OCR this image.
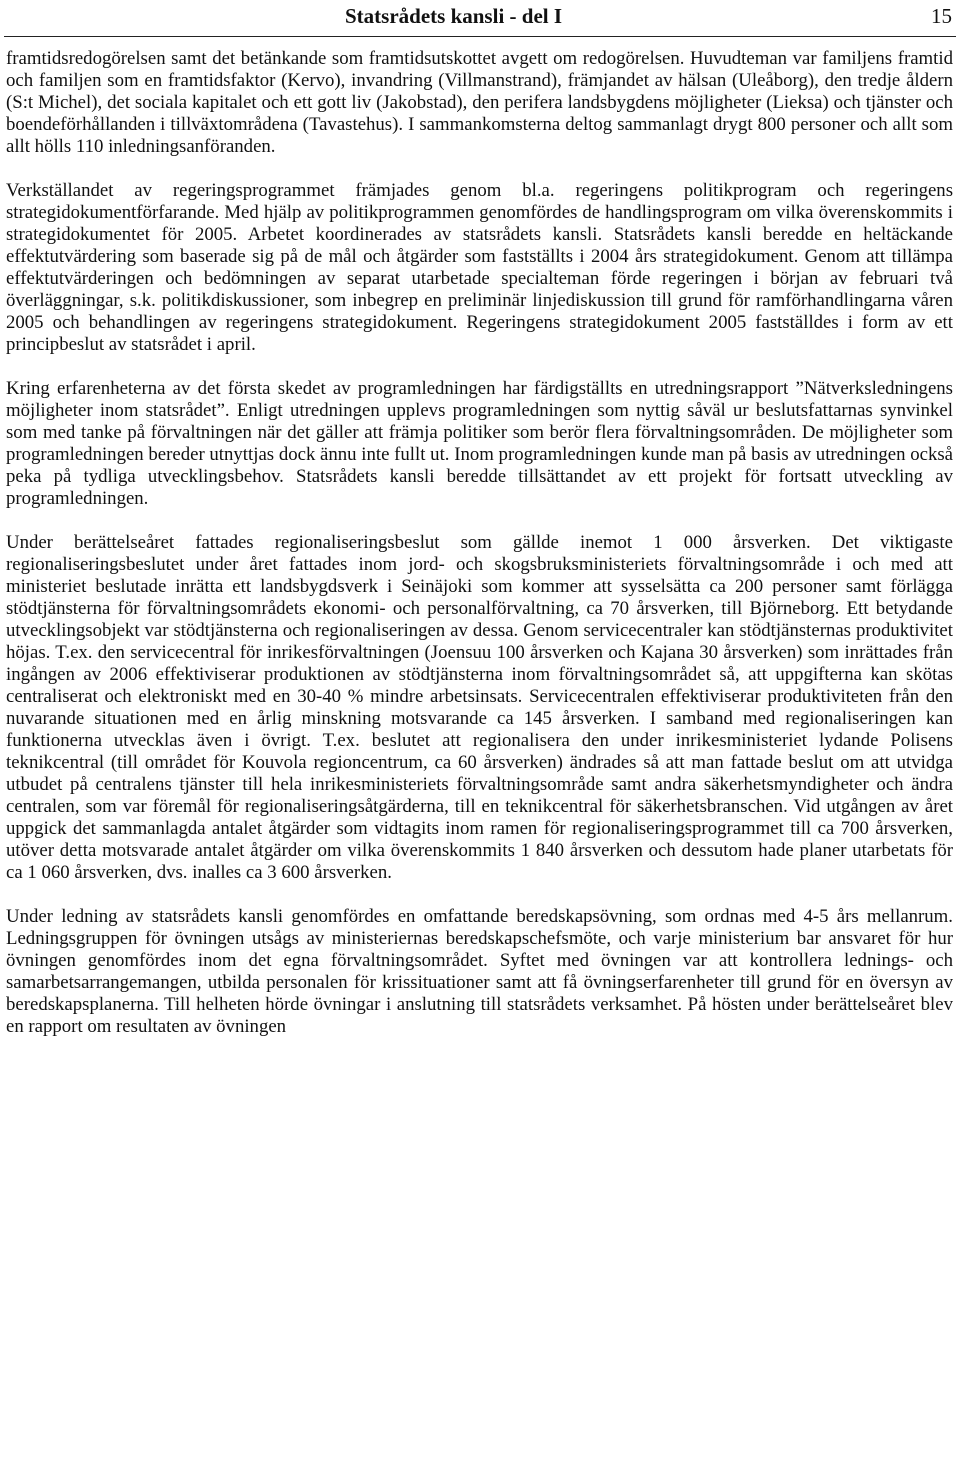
Statsrådets kansli - del I	15

framtidsredogörelsen samt det betänkande som framtidsutskottet avgett om redogörelsen. Huvudteman var familjens framtid och familjen som en framtidsfaktor (Kervo), invandring (Villmanstrand), främjandet av hälsan (Uleåborg), den tredje åldern (S:t Michel), det sociala kapitalet och ett gott liv (Jakobstad), den perifera landsbygdens möjligheter (Lieksa) och tjänster och boendeförhållanden i tillväxtområdena (Tavastehus). I sammankomsterna deltog sammanlagt drygt 800 personer och allt som allt hölls 110 inledningsanföranden.

Verkställandet av regeringsprogrammet främjades genom bl.a. regeringens politikprogram och regeringens strategidokumentförfarande. Med hjälp av politikprogrammen genomfördes de handlingsprogram om vilka överenskommits i strategidokumentet för 2005. Arbetet koordinerades av statsrådets kansli. Statsrådets kansli beredde en heltäckande effektutvärdering som baserade sig på de mål och åtgärder som fastställts i 2004 års strategidokument. Genom att tillämpa effektutvärderingen och bedömningen av separat utarbetade specialteman förde regeringen i början av februari två överläggningar, s.k. politikdiskussioner, som inbegrep en preliminär linjediskussion till grund för ramförhandlingarna våren 2005 och behandlingen av regeringens strategidokument. Regeringens strategidokument 2005 fastställdes i form av ett principbeslut av statsrådet i april.

Kring erfarenheterna av det första skedet av programledningen har färdigställts en utredningsrapport ”Nätverksledningens möjligheter inom statsrådet”. Enligt utredningen upplevs programledningen som nyttig såväl ur beslutsfattarnas synvinkel som med tanke på förvaltningen när det gäller att främja politiker som berör flera förvaltningsområden. De möjligheter som programledningen bereder utnyttjas dock ännu inte fullt ut. Inom programledningen kunde man på basis av utredningen också peka på tydliga utvecklingsbehov. Statsrådets kansli beredde tillsättandet av ett projekt för fortsatt utveckling av programledningen.

Under berättelseåret fattades regionaliseringsbeslut som gällde inemot 1 000 årsverken. Det viktigaste regionaliseringsbeslutet under året fattades inom jord- och skogsbruksministeriets förvaltningsområde i och med att ministeriet beslutade inrätta ett landsbygdsverk i Seinäjoki som kommer att sysselsätta ca 200 personer samt förlägga stödtjänsterna för förvaltningsområdets ekonomi- och personalförvaltning, ca 70 årsverken, till Björneborg. Ett betydande utvecklingsobjekt var stödtjänsterna och regionaliseringen av dessa. Genom servicecentraler kan stödtjänsternas produktivitet höjas. T.ex. den servicecentral för inrikesförvaltningen (Joensuu 100 årsverken och Kajana 30 årsverken) som inrättades från ingången av 2006 effektiviserar produktionen av stödtjänsterna inom förvaltningsområdet så, att uppgifterna kan skötas centraliserat och elektroniskt med en 30-40 % mindre arbetsinsats. Servicecentralen effektiviserar produktiviteten från den nuvarande situationen med en årlig minskning motsvarande ca 145 årsverken. I samband med regionaliseringen kan funktionerna utvecklas även i övrigt. T.ex. beslutet att regionalisera den under inrikesministeriet lydande Polisens teknikcentral (till området för Kouvola regioncentrum, ca 60 årsverken) ändrades så att man fattade beslut om att utvidga utbudet på centralens tjänster till hela inrikesministeriets förvaltningsområde samt andra säkerhetsmyndigheter och ändra centralen, som var föremål för regionaliseringsåtgärderna, till en teknikcentral för säkerhetsbranschen. Vid utgången av året uppgick det sammanlagda antalet åtgärder som vidtagits inom ramen för regionaliseringsprogrammet till ca 700 årsverken, utöver detta motsvarade antalet åtgärder om vilka överenskommits 1 840 årsverken och dessutom hade planer utarbetats för ca 1 060 årsverken, dvs. inalles ca 3 600 årsverken.

Under ledning av statsrådets kansli genomfördes en omfattande beredskapsövning, som ordnas med 4-5 års mellanrum. Ledningsgruppen för övningen utsågs av ministeriernas beredskapschefsmöte, och varje ministerium bar ansvaret för hur övningen genomfördes inom det egna förvaltningsområdet. Syftet med övningen var att kontrollera lednings- och samarbetsarrangemangen, utbilda personalen för krissituationer samt att få övningserfarenheter till grund för en översyn av beredskapsplanerna. Till helheten hörde övningar i anslutning till statsrådets verksamhet. På hösten under berättelseåret blev en rapport om resultaten av övningen
